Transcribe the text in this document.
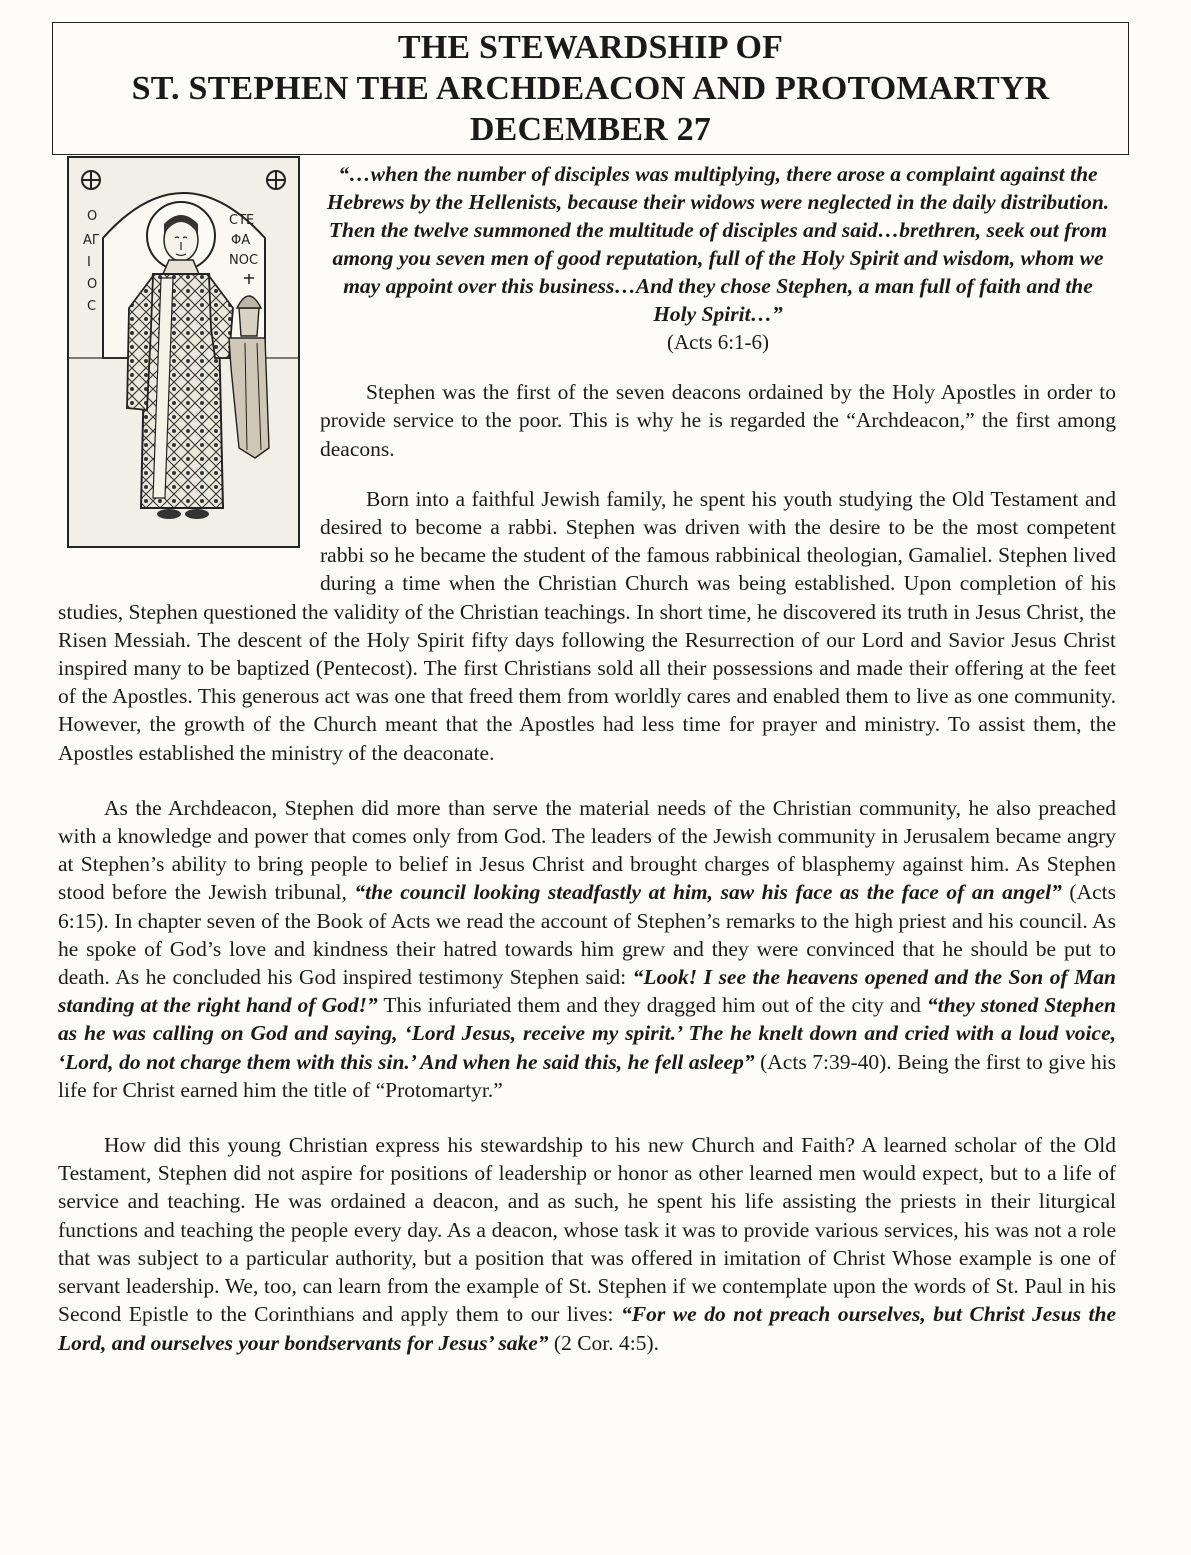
THE STEWARDSHIP OF
ST. STEPHEN THE ARCHDEACON AND PROTOMARTYR
DECEMBER 27
Ο
ΑΓ
Ι
Ο
C
CΤΕ
ΦΑ
ΝΟC

“…when the number of disciples was multiplying, there arose a complaint against the Hebrews by the Hellenists, because their widows were neglected in the daily distribution. Then the twelve summoned the multitude of disciples and said…brethren, seek out from among you seven men of good reputation, full of the Holy Spirit and wisdom, whom we may appoint over this business…And they chose Stephen, a man full of faith and the Holy Spirit…”

(Acts 6:1-6)

Stephen was the first of the seven deacons ordained by the Holy Apostles in order to provide service to the poor. This is why he is regarded the “Archdeacon,” the first among deacons.

Born into a faithful Jewish family, he spent his youth studying the Old Testament and desired to become a rabbi. Stephen was driven with the desire to be the most competent rabbi so he became the student of the famous rabbinical theologian, Gamaliel. Stephen lived during a time when the Christian Church was being established. Upon completion of his studies, Stephen questioned the validity of the Christian teachings. In short time, he discovered its truth in Jesus Christ, the Risen Messiah. The descent of the Holy Spirit fifty days following the Resurrection of our Lord and Savior Jesus Christ inspired many to be baptized (Pentecost). The first Christians sold all their possessions and made their offering at the feet of the Apostles. This generous act was one that freed them from worldly cares and enabled them to live as one community. However, the growth of the Church meant that the Apostles had less time for prayer and ministry. To assist them, the Apostles established the ministry of the deaconate.

As the Archdeacon, Stephen did more than serve the material needs of the Christian community, he also preached with a knowledge and power that comes only from God. The leaders of the Jewish community in Jerusalem became angry at Stephen’s ability to bring people to belief in Jesus Christ and brought charges of blasphemy against him. As Stephen stood before the Jewish tribunal, “the council looking steadfastly at him, saw his face as the face of an angel” (Acts 6:15). In chapter seven of the Book of Acts we read the account of Stephen’s remarks to the high priest and his council. As he spoke of God’s love and kindness their hatred towards him grew and they were convinced that he should be put to death. As he concluded his God inspired testimony Stephen said: “Look! I see the heavens opened and the Son of Man standing at the right hand of God!” This infuriated them and they dragged him out of the city and “they stoned Stephen as he was calling on God and saying, ‘Lord Jesus, receive my spirit.’ The he knelt down and cried with a loud voice, ‘Lord, do not charge them with this sin.’ And when he said this, he fell asleep” (Acts 7:39-40). Being the first to give his life for Christ earned him the title of “Protomartyr.”

How did this young Christian express his stewardship to his new Church and Faith? A learned scholar of the Old Testament, Stephen did not aspire for positions of leadership or honor as other learned men would expect, but to a life of service and teaching. He was ordained a deacon, and as such, he spent his life assisting the priests in their liturgical functions and teaching the people every day. As a deacon, whose task it was to provide various services, his was not a role that was subject to a particular authority, but a position that was offered in imitation of Christ Whose example is one of servant leadership. We, too, can learn from the example of St. Stephen if we contemplate upon the words of St. Paul in his Second Epistle to the Corinthians and apply them to our lives: “For we do not preach ourselves, but Christ Jesus the Lord, and ourselves your bondservants for Jesus’ sake” (2 Cor. 4:5).
